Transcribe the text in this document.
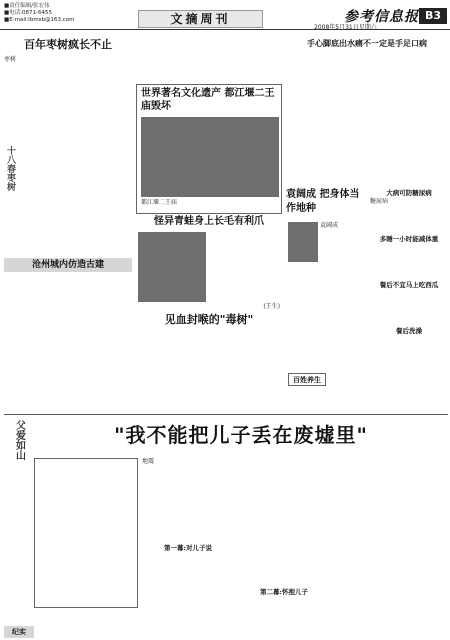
■责任编辑/张宏伟
■电话:0871-6455
■E-mail:lbmsb@163.com	文摘周刊	参考信息报
2008年5月31日星期六
B3
百年枣树疯长不止
枣树
十八春枣树
沧州城内仿造古建
世界著名文化遗产 都江堰二王庙毁坏
都江堰二王庙
怪异青蛙身上长毛有利爪
(王生)
见血封喉的"毒树"
手心脚底出水痛不一定是手足口病
袁阔成 把身体当作地种
袁阔成
百姓养生
大病可防糖尿病
糖尿病
多睡一小时能减体重
餐后不宜马上吃西瓜
餐后洗澡
父爱如山	"我不能把儿子丢在废墟里"
地震
第一幕:对儿子说
第二幕:怀抱儿子
纪实
